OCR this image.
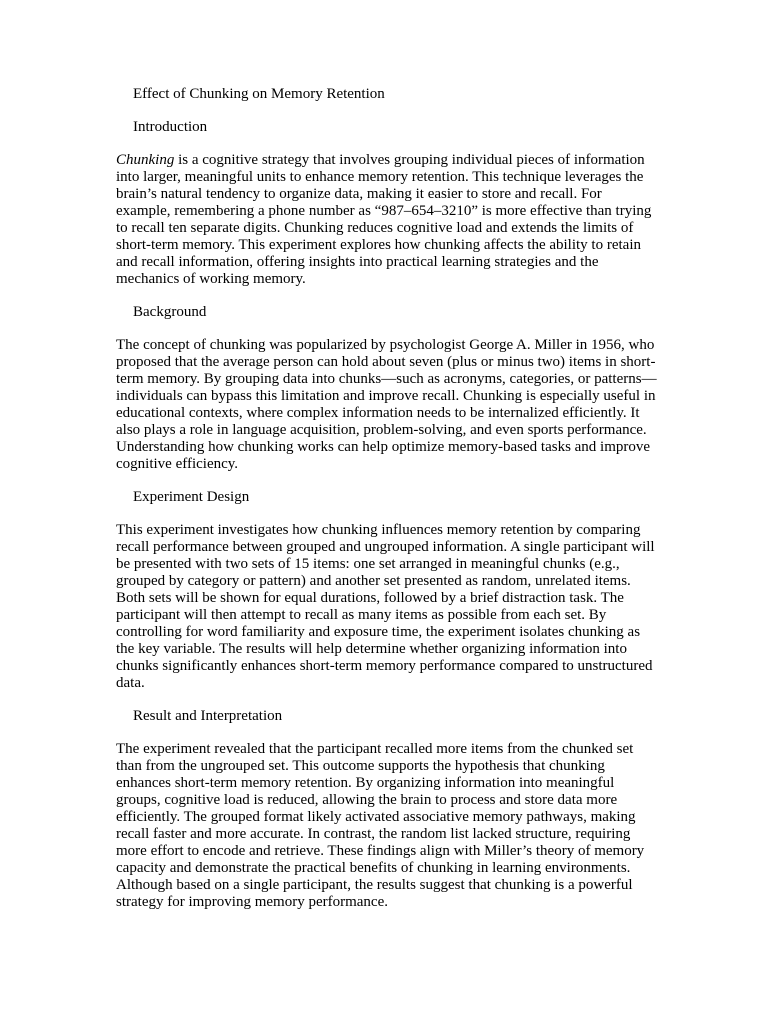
Effect of Chunking on Memory Retention

Introduction

Chunking is a cognitive strategy that involves grouping individual pieces of information into larger, meaningful units to enhance memory retention. This technique leverages the brain’s natural tendency to organize data, making it easier to store and recall. For example, remembering a phone number as “987–654–3210” is more effective than trying to recall ten separate digits. Chunking reduces cognitive load and extends the limits of short-term memory. This experiment explores how chunking affects the ability to retain and recall information, offering insights into practical learning strategies and the mechanics of working memory.

Background

The concept of chunking was popularized by psychologist George A. Miller in 1956, who proposed that the average person can hold about seven (plus or minus two) items in short-term memory. By grouping data into chunks—such as acronyms, categories, or patterns—individuals can bypass this limitation and improve recall. Chunking is especially useful in educational contexts, where complex information needs to be internalized efficiently. It also plays a role in language acquisition, problem-solving, and even sports performance. Understanding how chunking works can help optimize memory-based tasks and improve cognitive efficiency.

Experiment Design

This experiment investigates how chunking influences memory retention by comparing recall performance between grouped and ungrouped information. A single participant will be presented with two sets of 15 items: one set arranged in meaningful chunks (e.g., grouped by category or pattern) and another set presented as random, unrelated items. Both sets will be shown for equal durations, followed by a brief distraction task. The participant will then attempt to recall as many items as possible from each set. By controlling for word familiarity and exposure time, the experiment isolates chunking as the key variable. The results will help determine whether organizing information into chunks significantly enhances short-term memory performance compared to unstructured data.

Result and Interpretation

The experiment revealed that the participant recalled more items from the chunked set than from the ungrouped set. This outcome supports the hypothesis that chunking enhances short-term memory retention. By organizing information into meaningful groups, cognitive load is reduced, allowing the brain to process and store data more efficiently. The grouped format likely activated associative memory pathways, making recall faster and more accurate. In contrast, the random list lacked structure, requiring more effort to encode and retrieve. These findings align with Miller’s theory of memory capacity and demonstrate the practical benefits of chunking in learning environments. Although based on a single participant, the results suggest that chunking is a powerful strategy for improving memory performance.
